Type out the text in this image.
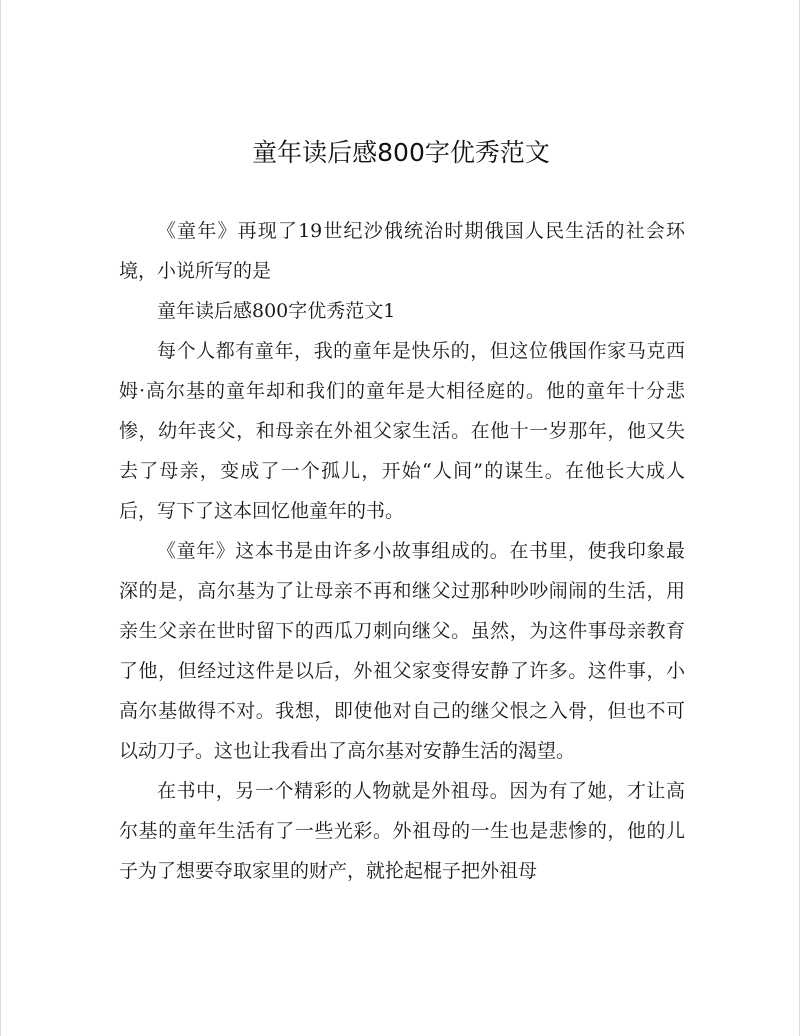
童年读后感800字优秀范文

《童年》再现了19世纪沙俄统治时期俄国人民生活的社会环境，小说所写的是

童年读后感800字优秀范文1

每个人都有童年，我的童年是快乐的，但这位俄国作家马克西姆·高尔基的童年却和我们的童年是大相径庭的。他的童年十分悲惨，幼年丧父，和母亲在外祖父家生活。在他十一岁那年，他又失去了母亲，变成了一个孤儿，开始“人间”的谋生。在他长大成人后，写下了这本回忆他童年的书。

《童年》这本书是由许多小故事组成的。在书里，使我印象最深的是，高尔基为了让母亲不再和继父过那种吵吵闹闹的生活，用亲生父亲在世时留下的西瓜刀刺向继父。虽然，为这件事母亲教育了他，但经过这件是以后，外祖父家变得安静了许多。这件事，小高尔基做得不对。我想，即使他对自己的继父恨之入骨，但也不可以动刀子。这也让我看出了高尔基对安静生活的渴望。

在书中，另一个精彩的人物就是外祖母。因为有了她，才让高尔基的童年生活有了一些光彩。外祖母的一生也是悲惨的，他的儿子为了想要夺取家里的财产，就抡起棍子把外祖母
